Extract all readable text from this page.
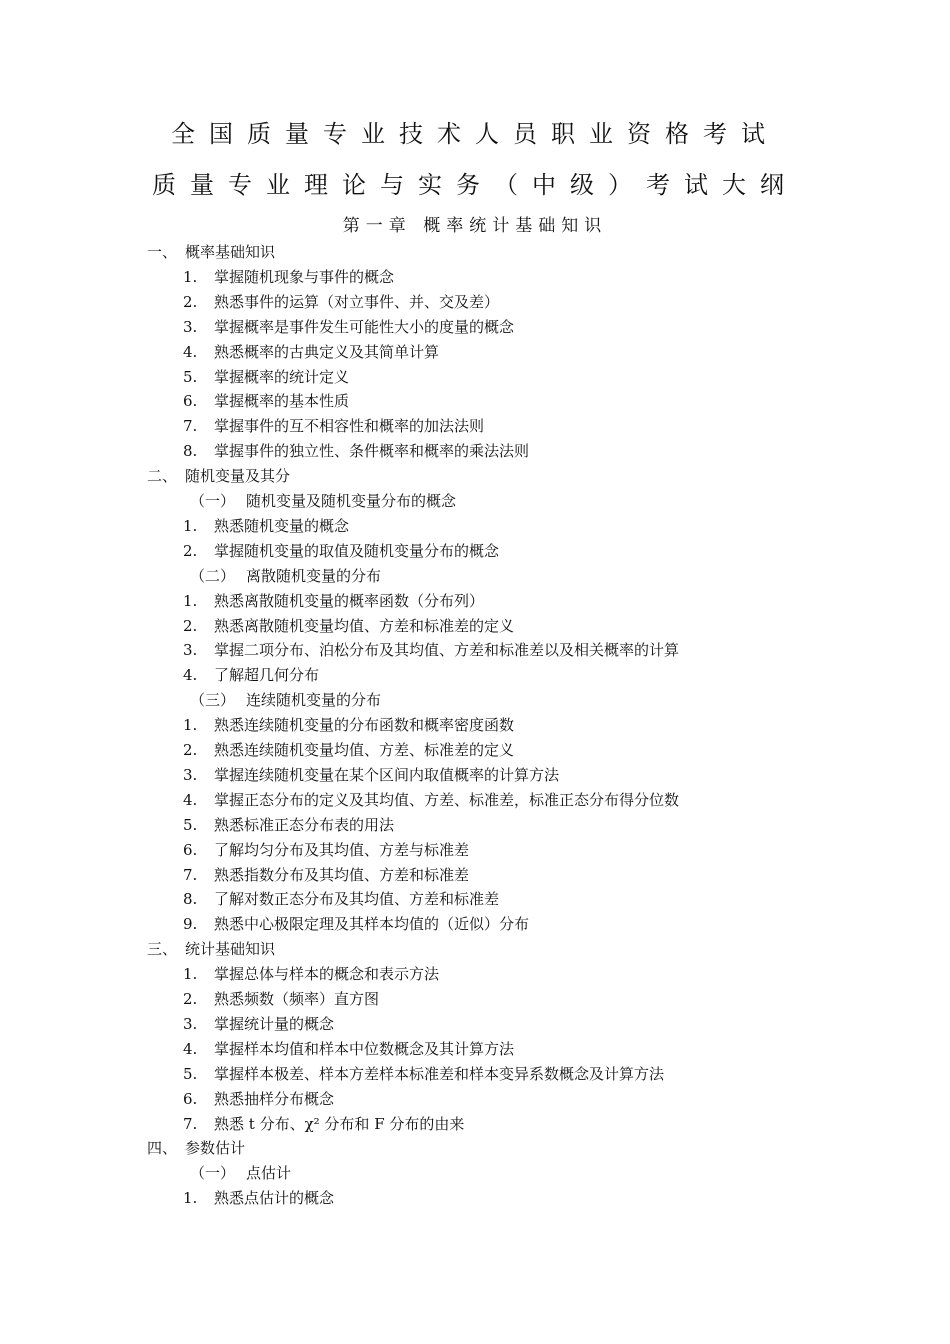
全国质量专业技术人员职业资格考试
质量专业理论与实务（中级）考试大纲
第一章 概率统计基础知识
一、 概率基础知识
1. 掌握随机现象与事件的概念
2. 熟悉事件的运算（对立事件、并、交及差）
3. 掌握概率是事件发生可能性大小的度量的概念
4. 熟悉概率的古典定义及其简单计算
5. 掌握概率的统计定义
6. 掌握概率的基本性质
7. 掌握事件的互不相容性和概率的加法法则
8. 掌握事件的独立性、条件概率和概率的乘法法则
二、 随机变量及其分
（一） 随机变量及随机变量分布的概念
1. 熟悉随机变量的概念
2. 掌握随机变量的取值及随机变量分布的概念
（二） 离散随机变量的分布
1. 熟悉离散随机变量的概率函数（分布列）
2. 熟悉离散随机变量均值、方差和标准差的定义
3. 掌握二项分布、泊松分布及其均值、方差和标准差以及相关概率的计算
4. 了解超几何分布
（三） 连续随机变量的分布
1. 熟悉连续随机变量的分布函数和概率密度函数
2. 熟悉连续随机变量均值、方差、标准差的定义
3. 掌握连续随机变量在某个区间内取值概率的计算方法
4. 掌握正态分布的定义及其均值、方差、标准差，标准正态分布得分位数
5. 熟悉标准正态分布表的用法
6. 了解均匀分布及其均值、方差与标准差
7. 熟悉指数分布及其均值、方差和标准差
8. 了解对数正态分布及其均值、方差和标准差
9. 熟悉中心极限定理及其样本均值的（近似）分布
三、 统计基础知识
1. 掌握总体与样本的概念和表示方法
2. 熟悉频数（频率）直方图
3. 掌握统计量的概念
4. 掌握样本均值和样本中位数概念及其计算方法
5. 掌握样本极差、样本方差样本标准差和样本变异系数概念及计算方法
6. 熟悉抽样分布概念
7. 熟悉 t 分布、χ² 分布和 F 分布的由来
四、 参数估计
（一） 点估计
1. 熟悉点估计的概念
